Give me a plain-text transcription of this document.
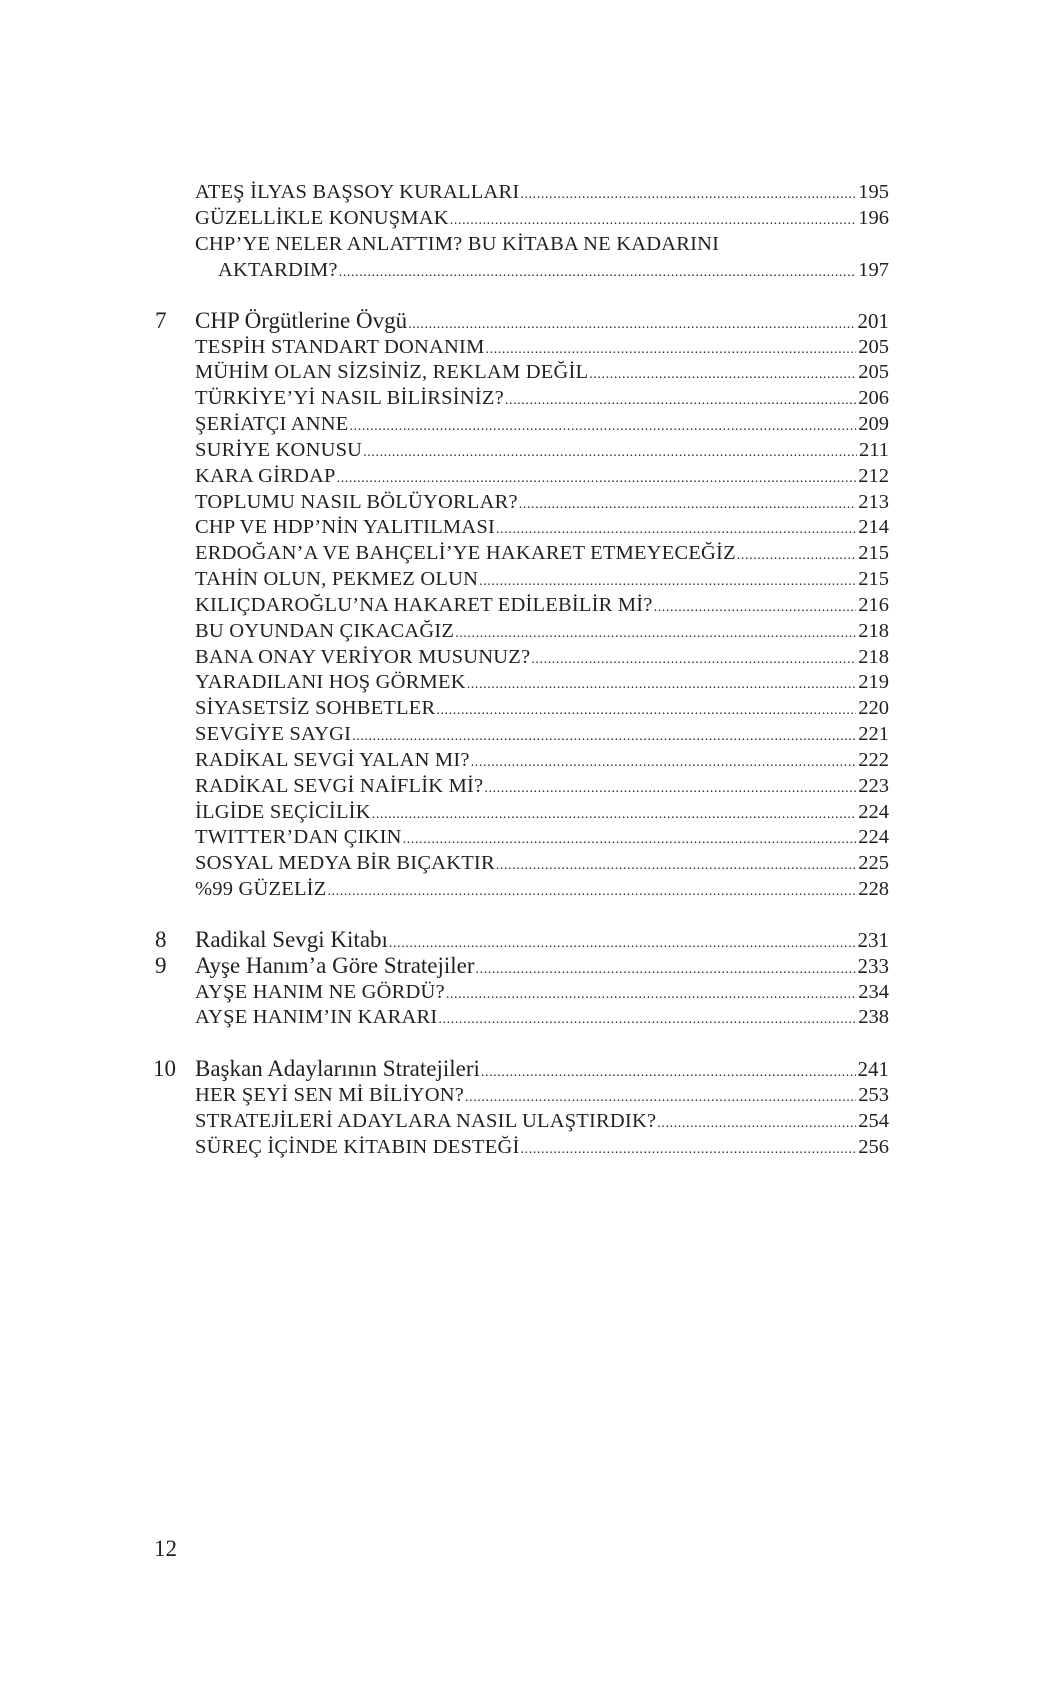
ATEŞ İLYAS BAŞSOY KURALLARI .....	195
GÜZELLİKLE KONUŞMAK .....	196
CHP’YE NELER ANLATTIM? BU KİTABA NE KADARINI
AKTARDIM? .....	197
7	CHP Örgütlerine Övgü .....	201
TESPİH STANDART DONANIM .....	205
MÜHİM OLAN SİZSİNİZ, REKLAM DEĞİL .....	205
TÜRKİYE’Yİ NASIL BİLİRSİNİZ? .....	206
ŞERİATÇI ANNE .....	209
SURİYE KONUSU .....	211
KARA GİRDAP .....	212
TOPLUMU NASIL BÖLÜYORLAR? .....	213
CHP VE HDP’NİN YALITILMASI .....	214
ERDOĞAN’A VE BAHÇELİ’YE HAKARET ETMEYECEĞİZ .....	215
TAHİN OLUN, PEKMEZ OLUN .....	215
KILIÇDAROĞLU’NA HAKARET EDİLEBİLİR Mİ? .....	216
BU OYUNDAN ÇIKACAĞIZ .....	218
BANA ONAY VERİYOR MUSUNUZ? .....	218
YARADILANI HOŞ GÖRMEK .....	219
SİYASETSİZ SOHBETLER .....	220
SEVGİYE SAYGI .....	221
RADİKAL SEVGİ YALAN MI? .....	222
RADİKAL SEVGİ NAİFLİK Mİ? .....	223
İLGİDE SEÇİCİLİK .....	224
TWITTER’DAN ÇIKIN .....	224
SOSYAL MEDYA BİR BIÇAKTIR .....	225
%99 GÜZELİZ .....	228
8	Radikal Sevgi Kitabı .....	231
9	Ayşe Hanım’a Göre Stratejiler .....	233
AYŞE HANIM NE GÖRDÜ? .....	234
AYŞE HANIM’IN KARARI .....	238
10 Başkan Adaylarının Stratejileri .....	241
HER ŞEYİ SEN Mİ BİLİYON? .....	253
STRATEJİLERİ ADAYLARA NASIL ULAŞTIRDIK? .....	254
SÜREÇ İÇİNDE KİTABIN DESTEĞİ .....	256
12
